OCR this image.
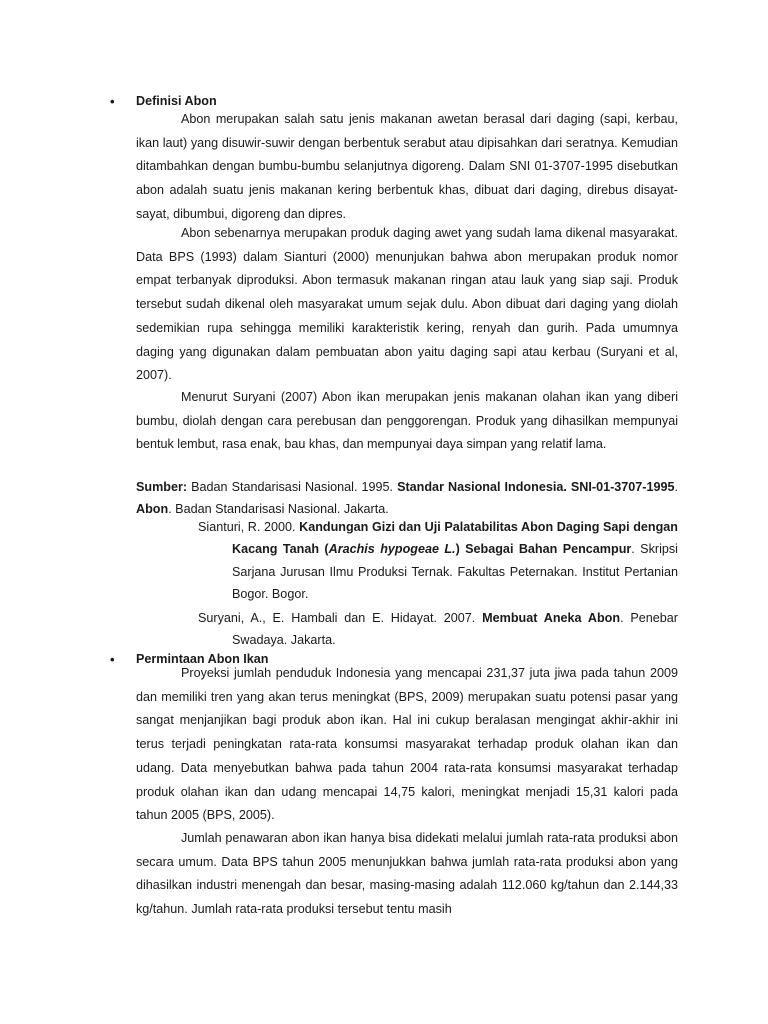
• Definisi Abon

Abon merupakan salah satu jenis makanan awetan berasal dari daging (sapi, kerbau, ikan laut) yang disuwir-suwir dengan berbentuk serabut atau dipisahkan dari seratnya. Kemudian ditambahkan dengan bumbu-bumbu selanjutnya digoreng. Dalam SNI 01-3707-1995 disebutkan abon adalah suatu jenis makanan kering berbentuk khas, dibuat dari daging, direbus disayat-sayat, dibumbui, digoreng dan dipres.

Abon sebenarnya merupakan produk daging awet yang sudah lama dikenal masyarakat. Data BPS (1993) dalam Sianturi (2000) menunjukan bahwa abon merupakan produk nomor empat terbanyak diproduksi. Abon termasuk makanan ringan atau lauk yang siap saji. Produk tersebut sudah dikenal oleh masyarakat umum sejak dulu. Abon dibuat dari daging yang diolah sedemikian rupa sehingga memiliki karakteristik kering, renyah dan gurih. Pada umumnya daging yang digunakan dalam pembuatan abon yaitu daging sapi atau kerbau (Suryani et al, 2007).

Menurut Suryani (2007) Abon ikan merupakan jenis makanan olahan ikan yang diberi bumbu, diolah dengan cara perebusan dan penggorengan. Produk yang dihasilkan mempunyai bentuk lembut, rasa enak, bau khas, dan mempunyai daya simpan yang relatif lama.

Sumber: Badan Standarisasi Nasional. 1995. Standar Nasional Indonesia. SNI-01-3707-1995. Abon. Badan Standarisasi Nasional. Jakarta.

Sianturi, R. 2000. Kandungan Gizi dan Uji Palatabilitas Abon Daging Sapi dengan Kacang Tanah (Arachis hypogeae L.) Sebagai Bahan Pencampur. Skripsi Sarjana Jurusan Ilmu Produksi Ternak. Fakultas Peternakan. Institut Pertanian Bogor. Bogor.

Suryani, A., E. Hambali dan E. Hidayat. 2007. Membuat Aneka Abon. Penebar Swadaya. Jakarta.

• Permintaan Abon Ikan

Proyeksi jumlah penduduk Indonesia yang mencapai 231,37 juta jiwa pada tahun 2009 dan memiliki tren yang akan terus meningkat (BPS, 2009) merupakan suatu potensi pasar yang sangat menjanjikan bagi produk abon ikan. Hal ini cukup beralasan mengingat akhir-akhir ini terus terjadi peningkatan rata-rata konsumsi masyarakat terhadap produk olahan ikan dan udang. Data menyebutkan bahwa pada tahun 2004 rata-rata konsumsi masyarakat terhadap produk olahan ikan dan udang mencapai 14,75 kalori, meningkat menjadi 15,31 kalori pada tahun 2005 (BPS, 2005).

Jumlah penawaran abon ikan hanya bisa didekati melalui jumlah rata-rata produksi abon secara umum. Data BPS tahun 2005 menunjukkan bahwa jumlah rata-rata produksi abon yang dihasilkan industri menengah dan besar, masing-masing adalah 112.060 kg/tahun dan 2.144,33 kg/tahun. Jumlah rata-rata produksi tersebut tentu masih
